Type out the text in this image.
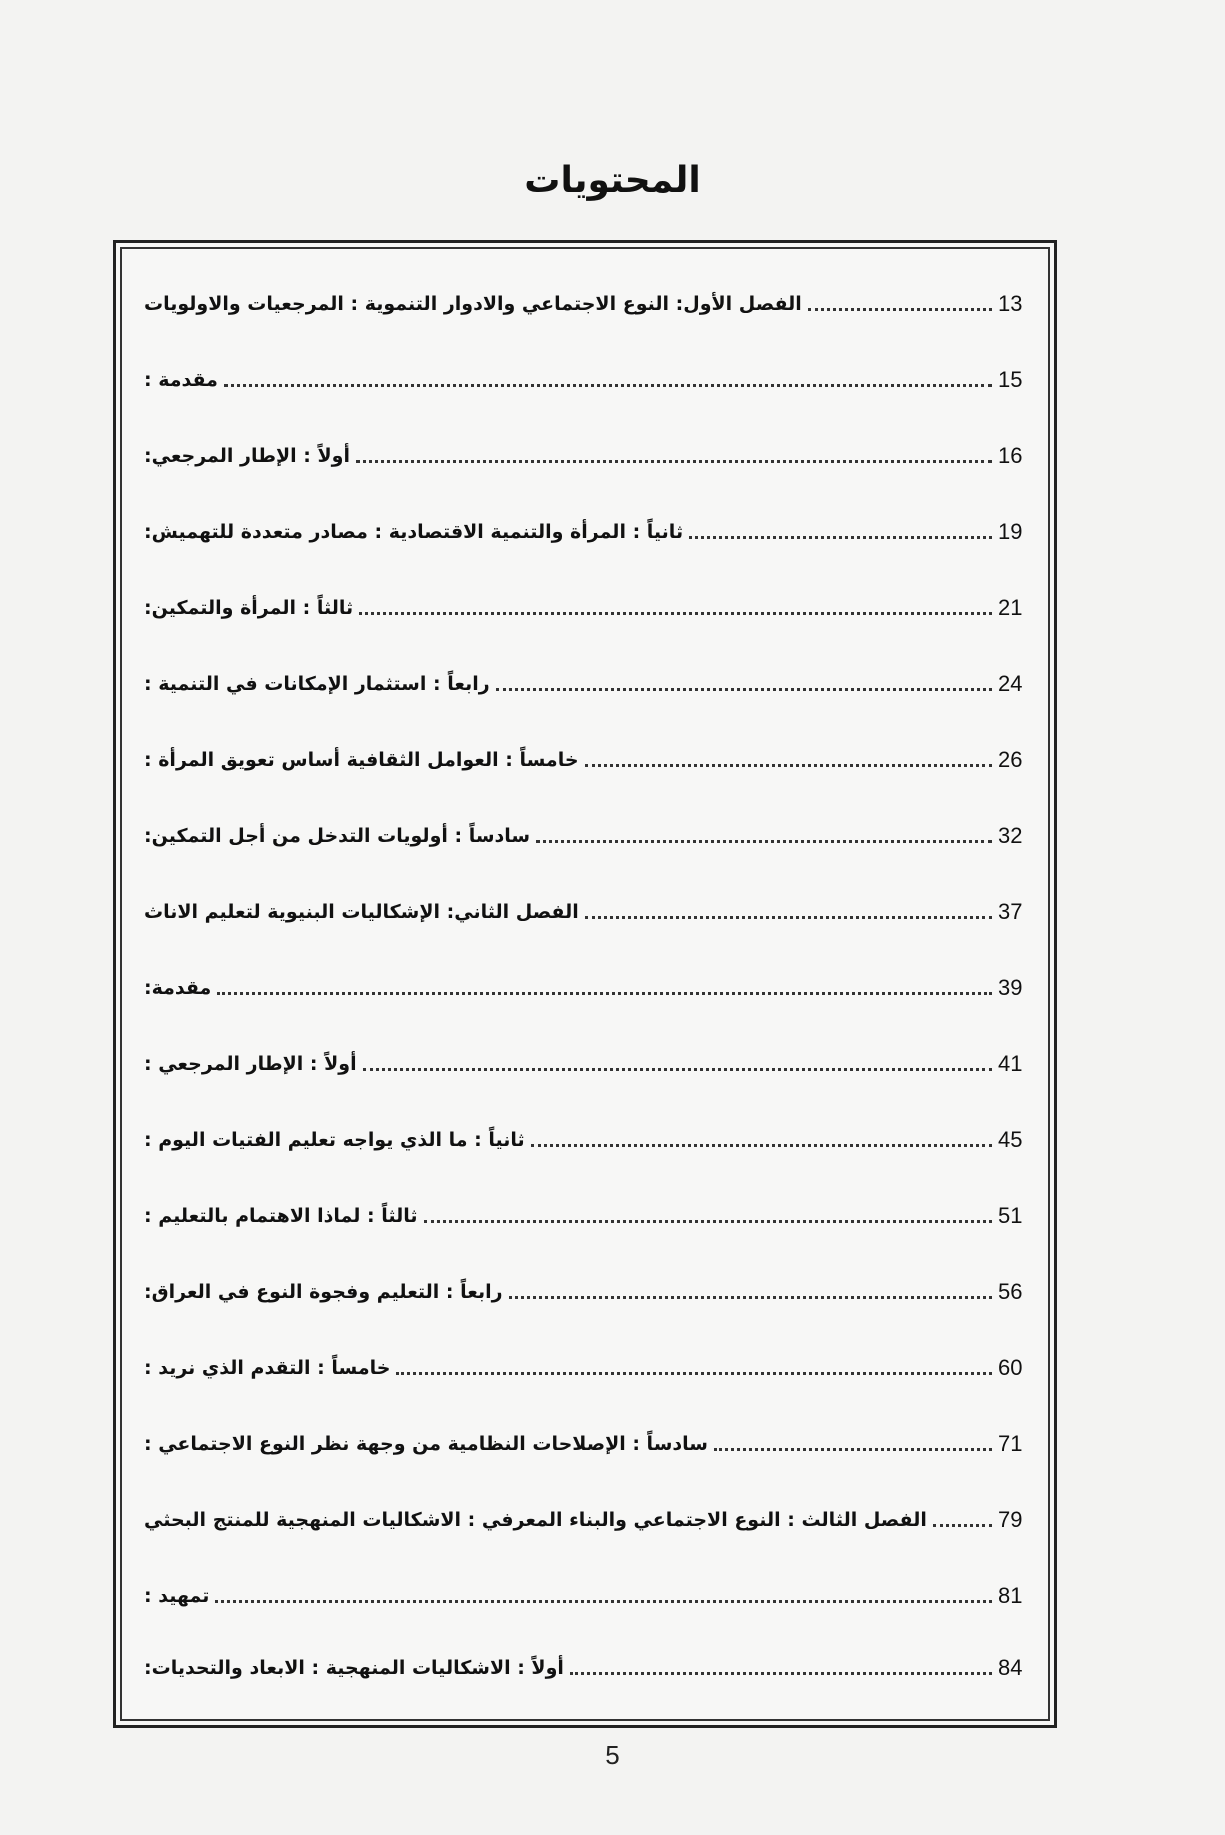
المحتويات
الفصل الأول: النوع الاجتماعي والادوار التنموية : المرجعيات والاولويات	13
مقدمة :	15
أولاً : الإطار المرجعي:	16
ثانياً : المرأة والتنمية الاقتصادية : مصادر متعددة للتهميش:	19
ثالثاً : المرأة والتمكين:	21
رابعاً : استثمار الإمكانات في التنمية :	24
خامساً : العوامل الثقافية أساس تعويق المرأة :	26
سادساً : أولويات التدخل من أجل التمكين:	32
الفصل الثاني: الإشكاليات البنيوية لتعليم الاناث	37
مقدمة:	39
أولاً : الإطار المرجعي :	41
ثانياً : ما الذي يواجه تعليم الفتيات اليوم :	45
ثالثاً : لماذا الاهتمام بالتعليم :	51
رابعاً : التعليم وفجوة النوع في العراق:	56
خامساً : التقدم الذي نريد :	60
سادساً : الإصلاحات النظامية من وجهة نظر النوع الاجتماعي :	71
الفصل الثالث : النوع الاجتماعي والبناء المعرفي : الاشكاليات المنهجية للمنتج البحثي	79
تمهيد :	81
أولاً : الاشكاليات المنهجية : الابعاد والتحديات:	84
5
